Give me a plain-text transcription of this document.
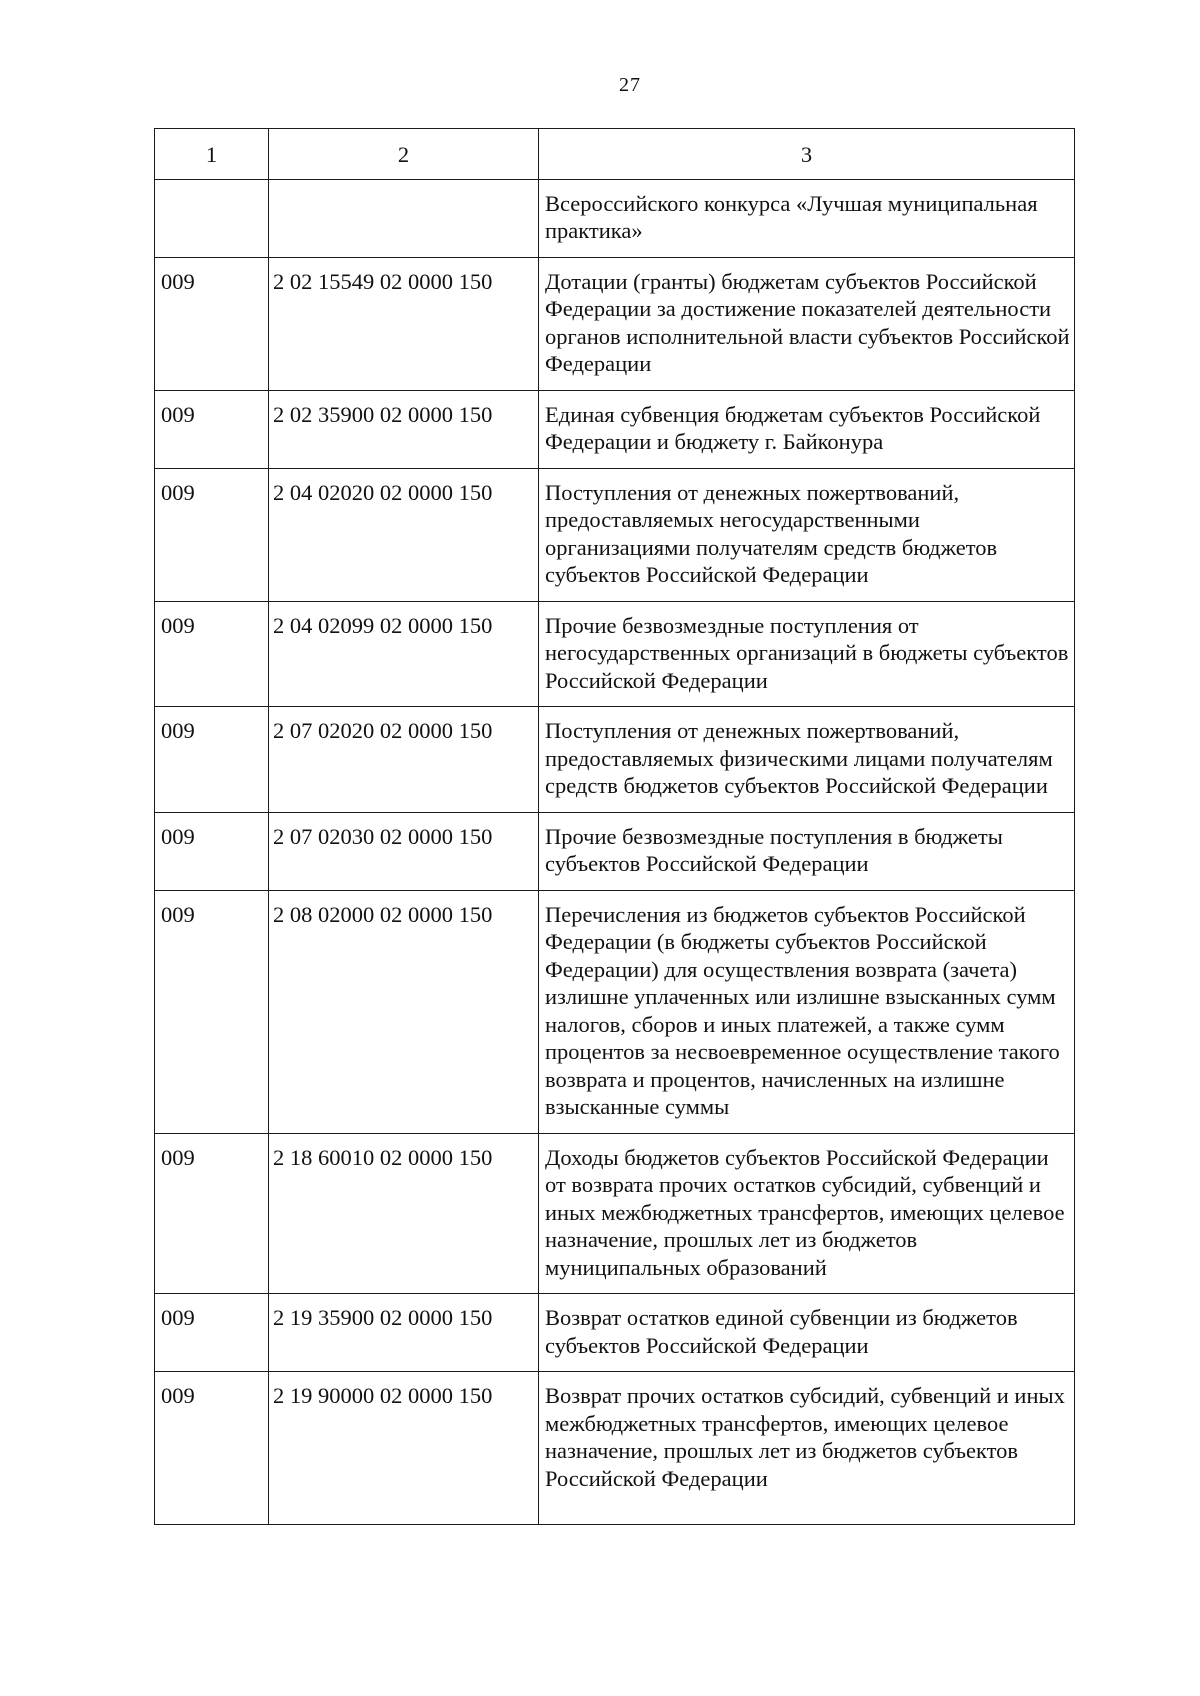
27
1	2	3
		Всероссийского конкурса «Лучшая муниципальная практика»
009	2 02 15549 02 0000 150	Дотации (гранты) бюджетам субъектов Российской Федерации за достижение показателей деятельности органов исполнительной власти субъектов Российской Федерации
009	2 02 35900 02 0000 150	Единая субвенция бюджетам субъектов Российской Федерации и бюджету г. Байконура
009	2 04 02020 02 0000 150	Поступления от денежных пожертвований, предоставляемых негосударственными организациями получателям средств бюджетов субъектов Российской Федерации
009	2 04 02099 02 0000 150	Прочие безвозмездные поступления от негосударственных организаций в бюджеты субъектов Российской Федерации
009	2 07 02020 02 0000 150	Поступления от денежных пожертвований, предоставляемых физическими лицами получателям средств бюджетов субъектов Российской Федерации
009	2 07 02030 02 0000 150	Прочие безвозмездные поступления в бюджеты субъектов Российской Федерации
009	2 08 02000 02 0000 150	Перечисления из бюджетов субъектов Российской Федерации (в бюджеты субъектов Российской Федерации) для осуществления возврата (зачета) излишне уплаченных или излишне взысканных сумм налогов, сборов и иных платежей, а также сумм процентов за несвоевременное осуществление такого возврата и процентов, начисленных на излишне взысканные суммы
009	2 18 60010 02 0000 150	Доходы бюджетов субъектов Российской Федерации от возврата прочих остатков субсидий, субвенций и иных межбюджетных трансфертов, имеющих целевое назначение, прошлых лет из бюджетов муниципальных образований
009	2 19 35900 02 0000 150	Возврат остатков единой субвенции из бюджетов субъектов Российской Федерации
009	2 19 90000 02 0000 150	Возврат прочих остатков субсидий, субвенций и иных межбюджетных трансфертов, имеющих целевое назначение, прошлых лет из бюджетов субъектов Российской Федерации
